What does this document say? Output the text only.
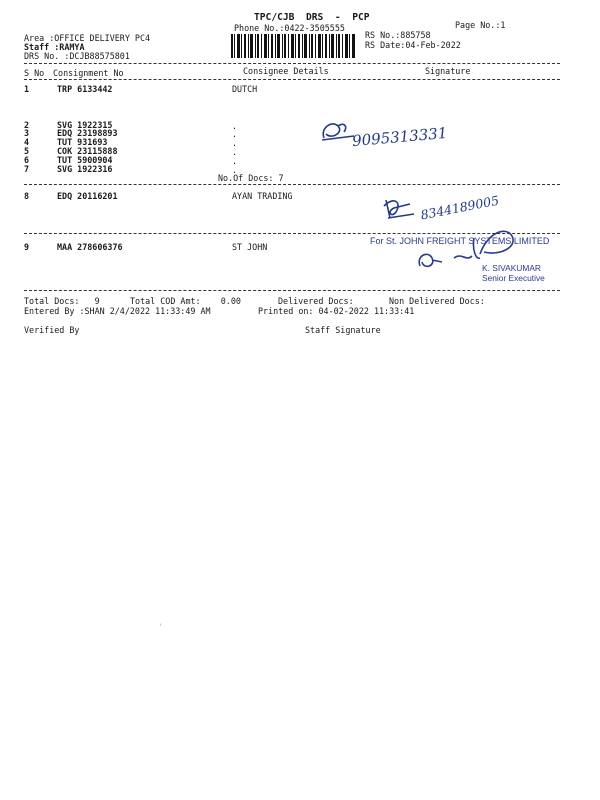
TPC/CJB  DRS  -  PCP
Phone No.:0422-3505555	Page No.:1
Area :OFFICE DELIVERY PC4
Staff :RAMYA
DRS No. :DCJB88575801
RS No.:885758
RS Date:04-Feb-2022
S No Consignment No	Consignee Details	Signature
1	TRP 6133442	DUTCH
2	SVG 1922315	.
3	EDQ 23198893	.
4	TUT 931693	.
5	COK 23115888	.
6	TUT 5900904	.
7	SVG 1922316	.
No.Of Docs: 7
9095313331
8	EDQ 20116201	AYAN TRADING	8344189005
9	MAA 278606376	ST JOHN
For St. JOHN FREIGHT SYSTEMS LIMITED
K. SIVAKUMAR
Senior Executive
Total Docs:   9	Total COD Amt:    0.00	Delivered Docs:	Non Delivered Docs:
Entered By :SHAN 2/4/2022 11:33:49 AM	Printed on: 04-02-2022 11:33:41
Verified By	Staff Signature
'
